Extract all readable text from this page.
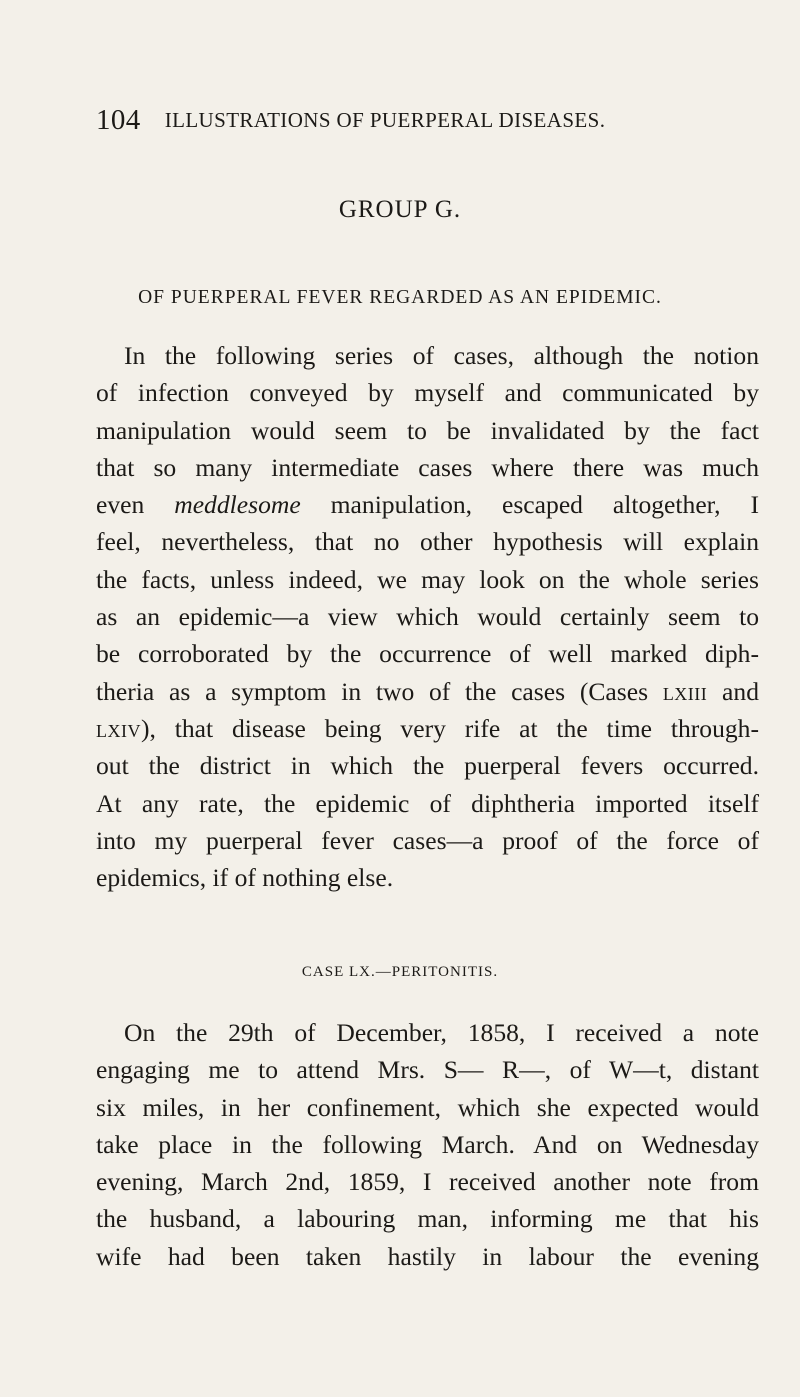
104 ILLUSTRATIONS OF PUERPERAL DISEASES.
GROUP G.
OF PUERPERAL FEVER REGARDED AS AN EPIDEMIC.
In the following series of cases, although the notion
of infection conveyed by myself and communicated by
manipulation would seem to be invalidated by the fact
that so many intermediate cases where there was much
even meddlesome manipulation, escaped altogether, I
feel, nevertheless, that no other hypothesis will explain
the facts, unless indeed, we may look on the whole series
as an epidemic—a view which would certainly seem to
be corroborated by the occurrence of well marked diph-
theria as a symptom in two of the cases (Cases lxiii and
lxiv), that disease being very rife at the time through-
out the district in which the puerperal fevers occurred.
At any rate, the epidemic of diphtheria imported itself
into my puerperal fever cases—a proof of the force of
epidemics, if of nothing else.
CASE LX.—PERITONITIS.
On the 29th of December, 1858, I received a note
engaging me to attend Mrs. S— R—, of W—t, distant
six miles, in her confinement, which she expected would
take place in the following March. And on Wednesday
evening, March 2nd, 1859, I received another note from
the husband, a labouring man, informing me that his
wife had been taken hastily in labour the evening
